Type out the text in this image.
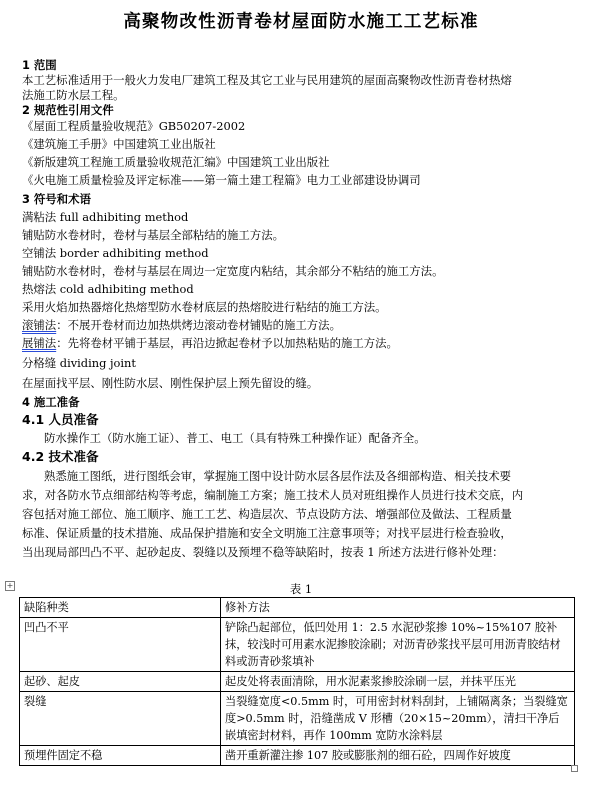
高聚物改性沥青卷材屋面防水施工工艺标准
1 范围
本工艺标准适用于一般火力发电厂建筑工程及其它工业与民用建筑的屋面高聚物改性沥青卷材热熔
法施工防水层工程。
2 规范性引用文件
《屋面工程质量验收规范》GB50207-2002
《建筑施工手册》中国建筑工业出版社
《新版建筑工程施工质量验收规范汇编》中国建筑工业出版社
《火电施工质量检验及评定标准——第一篇土建工程篇》电力工业部建设协调司
3 符号和术语
满粘法 full adhibiting method
铺贴防水卷材时，卷材与基层全部粘结的施工方法。
空铺法 border adhibiting method
铺贴防水卷材时，卷材与基层在周边一定宽度内粘结，其余部分不粘结的施工方法。
热熔法 cold adhibiting method
采用火焰加热器熔化热熔型防水卷材底层的热熔胶进行粘结的施工方法。
滚铺法：不展开卷材而边加热烘烤边滚动卷材铺贴的施工方法。
展铺法：先将卷材平铺于基层，再沿边掀起卷材予以加热粘贴的施工方法。
分格缝 dividing joint
在屋面找平层、刚性防水层、刚性保护层上预先留设的缝。
4 施工准备
4.1 人员准备
防水操作工（防水施工证）、普工、电工（具有特殊工种操作证）配备齐全。
4.2 技术准备
熟悉施工图纸，进行图纸会审，掌握施工图中设计防水层各层作法及各细部构造、相关技术要
求，对各防水节点细部结构等考虑，编制施工方案；施工技术人员对班组操作人员进行技术交底，内
容包括对施工部位、施工顺序、施工工艺、构造层次、节点设防方法、增强部位及做法、工程质量
标准、保证质量的技术措施、成品保护措施和安全文明施工注意事项等；对找平层进行检查验收，
当出现局部凹凸不平、起砂起皮、裂缝以及预埋不稳等缺陷时，按表 1 所述方法进行修补处理：
+	表 1
缺陷种类	修补方法
凹凸不平	铲除凸起部位，低凹处用 1：2.5 水泥砂浆掺 10%~15%107 胶补抹，较浅时可用素水泥掺胶涂刷；对沥青砂浆找平层可用沥青胶结材料或沥青砂浆填补
起砂、起皮	起皮处将表面清除，用水泥素浆掺胶涂刷一层，并抹平压光
裂缝	当裂缝宽度<0.5mm 时，可用密封材料刮封，上铺隔离条；当裂缝宽度>0.5mm 时，沿缝凿成 V 形槽（20×15~20mm），清扫干净后嵌填密封材料，再作 100mm 宽防水涂料层
预埋件固定不稳	凿开重新灌注掺 107 胶或膨胀剂的细石砼，四周作好坡度
